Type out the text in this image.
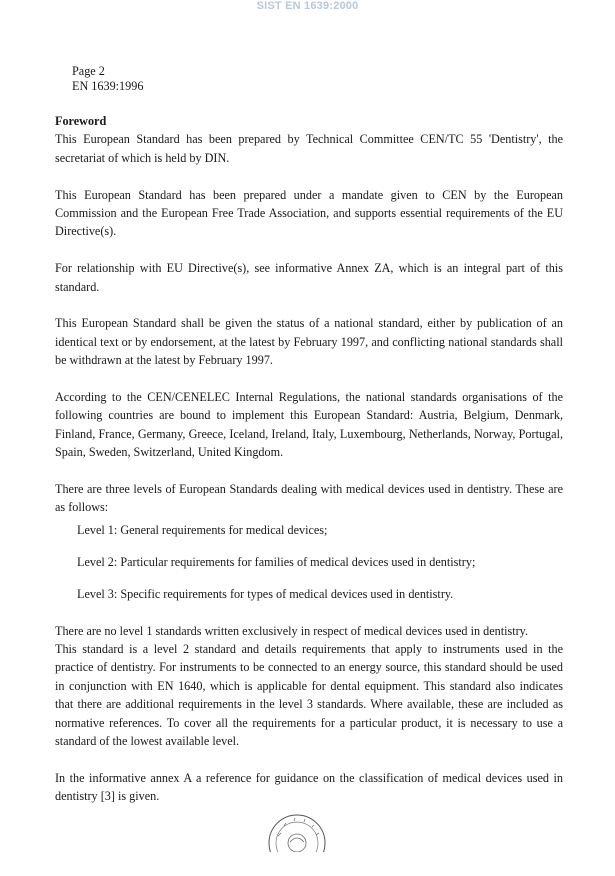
SIST EN 1639:2000
Page 2
EN 1639:1996
Foreword

This European Standard has been prepared by Technical Committee CEN/TC 55 'Dentistry', the secretariat of which is held by DIN.

This European Standard has been prepared under a mandate given to CEN by the European Commission and the European Free Trade Association, and supports essential requirements of the EU Directive(s).

For relationship with EU Directive(s), see informative Annex ZA, which is an integral part of this standard.

This European Standard shall be given the status of a national standard, either by publication of an identical text or by endorsement, at the latest by February 1997, and conflicting national standards shall be withdrawn at the latest by February 1997.

According to the CEN/CENELEC Internal Regulations, the national standards organisations of the following countries are bound to implement this European Standard: Austria, Belgium, Denmark, Finland, France, Germany, Greece, Iceland, Ireland, Italy, Luxembourg, Netherlands, Norway, Portugal, Spain, Sweden, Switzerland, United Kingdom.

There are three levels of European Standards dealing with medical devices used in dentistry. These are as follows:

Level 1: General requirements for medical devices;
Level 2: Particular requirements for families of medical devices used in dentistry;
Level 3: Specific requirements for types of medical devices used in dentistry.

There are no level 1 standards written exclusively in respect of medical devices used in dentistry.

This standard is a level 2 standard and details requirements that apply to instruments used in the practice of dentistry. For instruments to be connected to an energy source, this standard should be used in conjunction with EN 1640, which is applicable for dental equipment. This standard also indicates that there are additional requirements in the level 3 standards. Where available, these are included as normative references. To cover all the requirements for a particular product, it is necessary to use a standard of the lowest available level.

In the informative annex A a reference for guidance on the classification of medical devices used in dentistry [3] is given.
